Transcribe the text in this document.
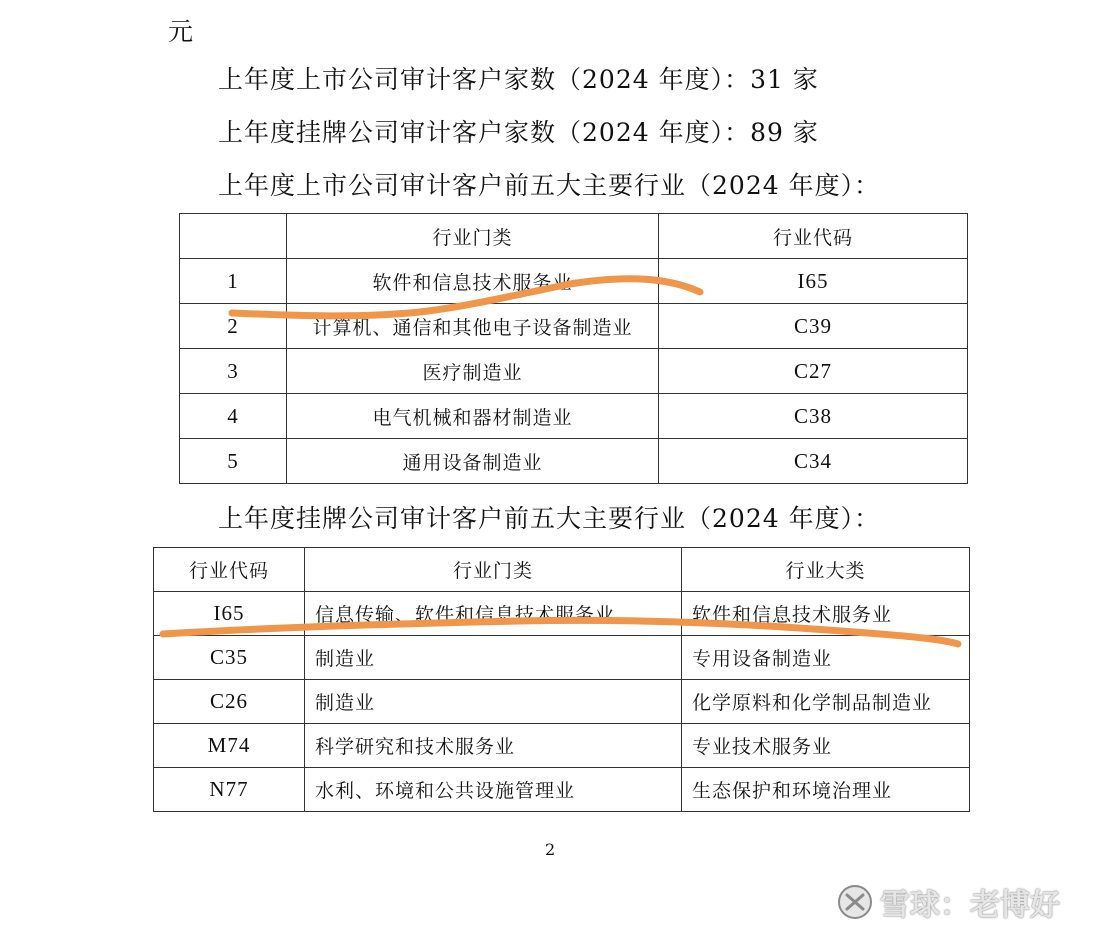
元
上年度上市公司审计客户家数（2024 年度）：31 家
上年度挂牌公司审计客户家数（2024 年度）：89 家
上年度上市公司审计客户前五大主要行业（2024 年度）：
	行业门类	行业代码
1	软件和信息技术服务业	I65
2	计算机、通信和其他电子设备制造业	C39
3	医疗制造业	C27
4	电气机械和器材制造业	C38
5	通用设备制造业	C34
上年度挂牌公司审计客户前五大主要行业（2024 年度）：
行业代码	行业门类	行业大类
I65	信息传输、软件和信息技术服务业	软件和信息技术服务业
C35	制造业	专用设备制造业
C26	制造业	化学原料和化学制品制造业
M74	科学研究和技术服务业	专业技术服务业
N77	水利、环境和公共设施管理业	生态保护和环境治理业
2
雪球：老博好
